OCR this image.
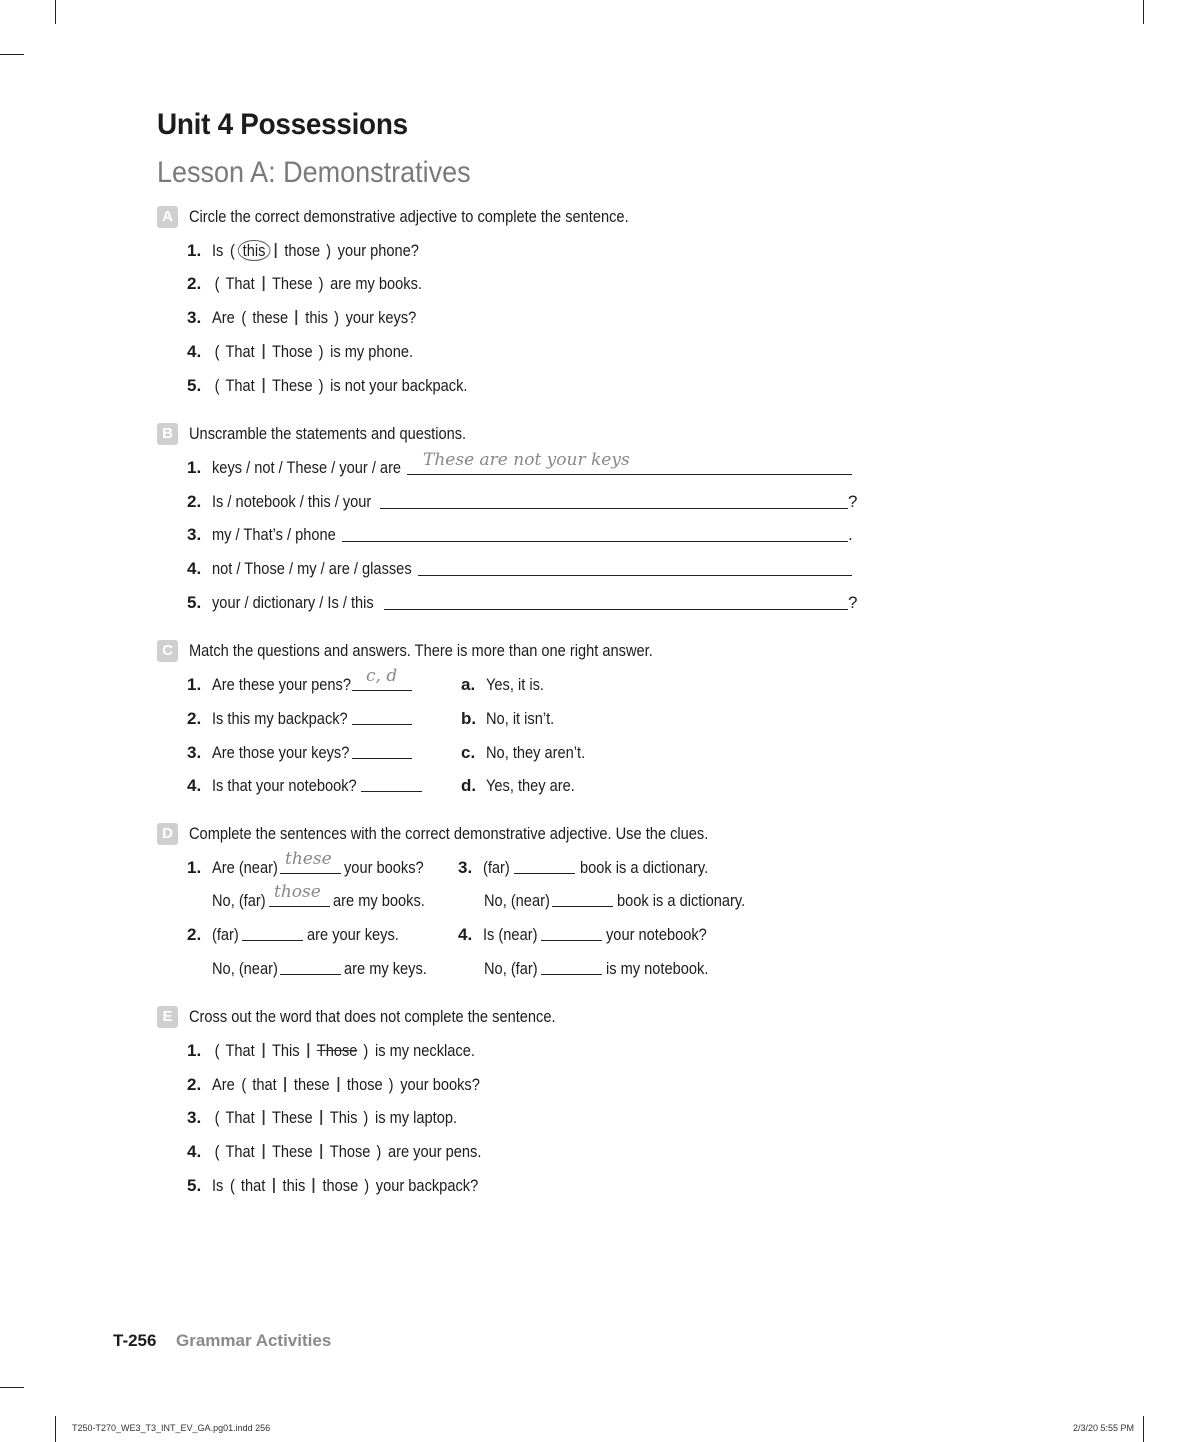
Unit 4 Possessions
Lesson A: Demonstratives
A Circle the correct demonstrative adjective to complete the sentence.
1. Is ( this those ) your phone?
2. ( That These ) are my books.
3. Are ( these this ) your keys?
4. ( That Those ) is my phone.
5. ( That These ) is not your backpack.
B Unscramble the statements and questions.
1. keys / not / These / your / are These are not your keys
2. Is / notebook / this / your	?
3. my / That’s / phone	.
4. not / Those / my / are / glasses
5. your / dictionary / Is / this	?
C Match the questions and answers. There is more than one right answer.
1. Are these your pens? c, d
2. Is this my backpack?
3. Are those your keys?
4. Is that your notebook?
a. Yes, it is.
b. No, it isn’t.
c. No, they aren’t.
d. Yes, they are.
D Complete the sentences with the correct demonstrative adjective. Use the clues.
1. Are (near) these your books?
No, (far) those are my books.
2. (far)	are your keys.
No, (near)	are my keys.
3. (far)	book is a dictionary.
No, (near)	book is a dictionary.
4. Is (near)	your notebook?
No, (far)	is my notebook.
E Cross out the word that does not complete the sentence.
1. ( That This Those ) is my necklace.
2. Are ( that these those ) your books?
3. ( That These This ) is my laptop.
4. ( That These Those ) are your pens.
5. Is ( that this those ) your backpack?
T-256 Grammar Activities
T250-T270_WE3_T3_INT_EV_GA.pg01.indd 256	2/3/20 5:55 PM
